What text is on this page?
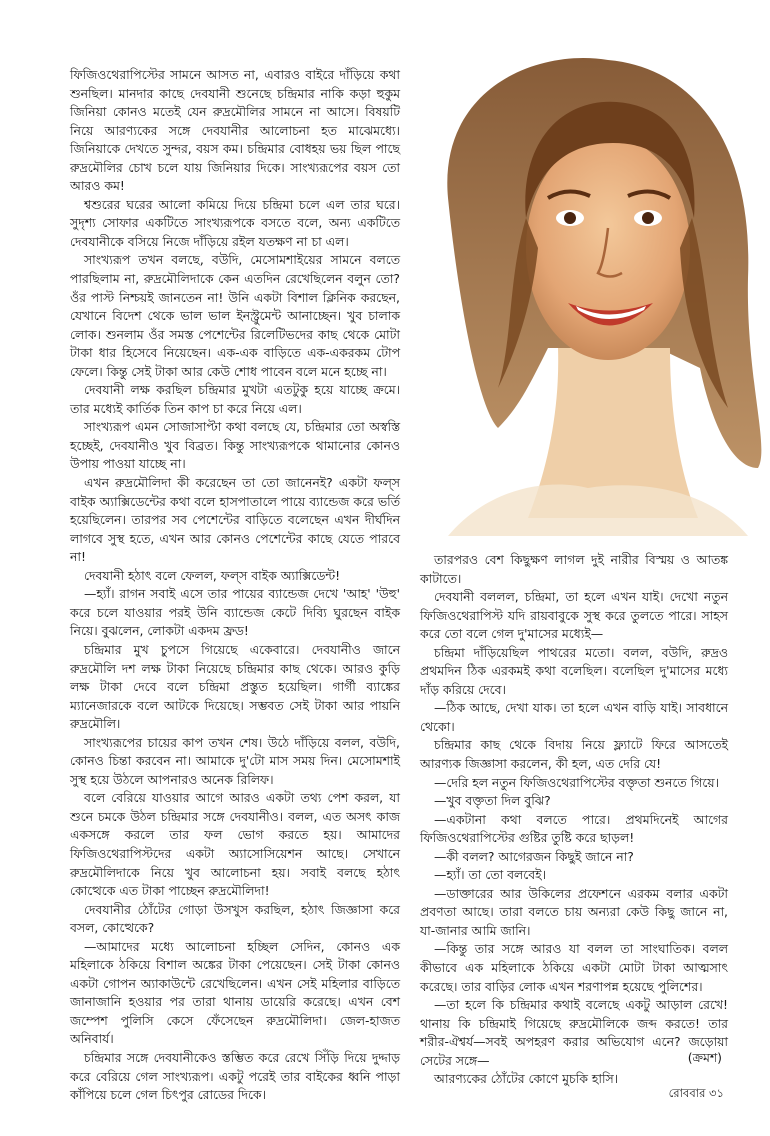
ফিজিওথেরাপিস্টের সামনে আসত না, এবারও বাইরে দাঁড়িয়ে কথা শুনছিল। মানদার কাছে দেবযানী শুনেছে চন্দ্রিমার নাকি কড়া হুকুম জিনিয়া কোনও মতেই যেন রুদ্রমৌলির সামনে না আসে। বিষয়টি নিয়ে আরণ্যকের সঙ্গে দেবযানীর আলোচনা হত মাঝেমধ্যে। জিনিয়াকে দেখতে সুন্দর, বয়স কম। চন্দ্রিমার বোধহয় ভয় ছিল পাছে রুদ্রমৌলির চোখ চলে যায় জিনিয়ার দিকে। সাংখ্যরূপের বয়স তো আরও কম!

শ্বশুরের ঘরের আলো কমিয়ে দিয়ে চন্দ্রিমা চলে এল তার ঘরে। সুদৃশ্য সোফার একটিতে সাংখ্যরূপকে বসতে বলে, অন্য একটিতে দেবযানীকে বসিয়ে নিজে দাঁড়িয়ে রইল যতক্ষণ না চা এল।

সাংখ্যরূপ তখন বলছে, বউদি, মেসোমশাইয়ের সামনে বলতে পারছিলাম না, রুদ্রমৌলিদাকে কেন এতদিন রেখেছিলেন বলুন তো? ওঁর পাস্ট নিশ্চয়ই জানতেন না! উনি একটা বিশাল ক্লিনিক করছেন, যেখানে বিদেশ থেকে ভাল ভাল ইনস্ট্রুমেন্ট আনাচ্ছেন। খুব চালাক লোক। শুনলাম ওঁর সমস্ত পেশেন্টের রিলেটিভদের কাছ থেকে মোটা টাকা ধার হিসেবে নিয়েছেন। এক-এক বাড়িতে এক-একরকম টোপ ফেলে। কিন্তু সেই টাকা আর কেউ শোধ পাবেন বলে মনে হচ্ছে না।

দেবযানী লক্ষ করছিল চন্দ্রিমার মুখটা এতটুকু হয়ে যাচ্ছে ক্রমে। তার মধ্যেই কার্তিক তিন কাপ চা করে নিয়ে এল।

সাংখ্যরূপ এমন সোজাসাপ্টা কথা বলছে যে, চন্দ্রিমার তো অস্বস্তি হচ্ছেই, দেবযানীও খুব বিব্রত। কিন্তু সাংখ্যরূপকে থামানোর কোনও উপায় পাওয়া যাচ্ছে না।

এখন রুদ্রমৌলিদা কী করেছেন তা তো জানেনই? একটা ফল্স বাইক অ্যাক্সিডেন্টের কথা বলে হাসপাতালে পায়ে ব্যান্ডেজ করে ভর্তি হয়েছিলেন। তারপর সব পেশেন্টের বাড়িতে বলেছেন এখন দীর্ঘদিন লাগবে সুস্থ হতে, এখন আর কোনও পেশেন্টের কাছে যেতে পারবে না!

দেবযানী হঠাৎ বলে ফেলল, ফল্স বাইক অ্যাক্সিডেন্ট!

—হ্যাঁ। রাগন সবাই এসে তার পায়ের ব্যান্ডেজ দেখে 'আহ' 'উহু' করে চলে যাওয়ার পরই উনি ব্যান্ডেজ কেটে দিব্যি ঘুরছেন বাইক নিয়ে। বুঝলেন, লোকটা একদম ফ্রড!

চন্দ্রিমার মুখ চুপসে গিয়েছে একেবারে। দেবযানীও জানে রুদ্রমৌলি দশ লক্ষ টাকা নিয়েছে চন্দ্রিমার কাছ থেকে। আরও কুড়ি লক্ষ টাকা দেবে বলে চন্দ্রিমা প্রস্তুত হয়েছিল। গার্গী ব্যাঙ্কের ম্যানেজারকে বলে আটকে দিয়েছে। সম্ভবত সেই টাকা আর পায়নি রুদ্রমৌলি।

সাংখ্যরূপের চায়ের কাপ তখন শেষ। উঠে দাঁড়িয়ে বলল, বউদি, কোনও চিন্তা করবেন না। আমাকে দু'টো মাস সময় দিন। মেসোমশাই সুস্থ হয়ে উঠলে আপনারও অনেক রিলিফ।

বলে বেরিয়ে যাওয়ার আগে আরও একটা তথ্য পেশ করল, যা শুনে চমকে উঠল চন্দ্রিমার সঙ্গে দেবযানীও। বলল, এত অসৎ কাজ একসঙ্গে করলে তার ফল ভোগ করতে হয়। আমাদের ফিজিওথেরাপিস্টদের একটা অ্যাসোসিয়েশন আছে। সেখানে রুদ্রমৌলিদাকে নিয়ে খুব আলোচনা হয়। সবাই বলছে হঠাৎ কোত্থেকে এত টাকা পাচ্ছেন রুদ্রমৌলিদা!

দেবযানীর ঠোঁটের গোড়া উসখুস করছিল, হঠাৎ জিজ্ঞাসা করে বসল, কোত্থেকে?

—আমাদের মধ্যে আলোচনা হচ্ছিল সেদিন, কোনও এক মহিলাকে ঠকিয়ে বিশাল অঙ্কের টাকা পেয়েছেন। সেই টাকা কোনও একটা গোপন অ্যাকাউন্টে রেখেছিলেন। এখন সেই মহিলার বাড়িতে জানাজানি হওয়ার পর তারা থানায় ডায়েরি করেছে। এখন বেশ জম্পেশ পুলিসি কেসে ফেঁসেছেন রুদ্রমৌলিদা। জেল-হাজত অনিবার্য।

চন্দ্রিমার সঙ্গে দেবযানীকেও স্তম্ভিত করে রেখে সিঁড়ি দিয়ে দুদ্দাড় করে বেরিয়ে গেল সাংখ্যরূপ। একটু পরেই তার বাইকের ধ্বনি পাড়া কাঁপিয়ে চলে গেল চিৎপুর রোডের দিকে।

তারপরও বেশ কিছুক্ষণ লাগল দুই নারীর বিস্ময় ও আতঙ্ক কাটাতে।

দেবযানী বললল, চন্দ্রিমা, তা হলে এখন যাই। দেখো নতুন ফিজিওথেরাপিস্ট যদি রায়বাবুকে সুস্থ করে তুলতে পারে। সাহস করে তো বলে গেল দু'মাসের মধ্যেই—

চন্দ্রিমা দাঁড়িয়েছিল পাথরের মতো। বলল, বউদি, রুদ্রও প্রথমদিন ঠিক এরকমই কথা বলেছিল। বলেছিল দু'মাসের মধ্যে দাঁড় করিয়ে দেবে।

—ঠিক আছে, দেখা যাক। তা হলে এখন বাড়ি যাই। সাবধানে থেকো।

চন্দ্রিমার কাছ থেকে বিদায় নিয়ে ফ্ল্যাটে ফিরে আসতেই আরণ্যক জিজ্ঞাসা করলেন, কী হল, এত দেরি যে!

—দেরি হল নতুন ফিজিওথেরাপিস্টের বক্তৃতা শুনতে গিয়ে।

—খুব বক্তৃতা দিল বুঝি?

—একটানা কথা বলতে পারে। প্রথমদিনেই আগের ফিজিওথেরাপিস্টের গুষ্টির তুষ্টি করে ছাড়ল!

—কী বলল? আগেরজন কিছুই জানে না?

—হ্যাঁ। তা তো বলবেই।

—ডাক্তারের আর উকিলের প্রফেশনে এরকম বলার একটা প্রবণতা আছে। তারা বলতে চায় অন্যরা কেউ কিছু জানে না, যা-জানার আমি জানি।

—কিন্তু তার সঙ্গে আরও যা বলল তা সাংঘাতিক। বলল কীভাবে এক মহিলাকে ঠকিয়ে একটা মোটা টাকা আত্মসাৎ করেছে। তার বাড়ির লোক এখন শরণাপন্ন হয়েছে পুলিশের।

—তা হলে কি চন্দ্রিমার কথাই বলেছে একটু আড়াল রেখে! থানায় কি চন্দ্রিমাই গিয়েছে রুদ্রমৌলিকে জব্দ করতে! তার শরীর-ঐশ্বর্য—সবই অপহরণ করার অভিযোগ এনে? জড়োয়া সেটের সঙ্গে—

আরণ্যকের ঠোঁটের কোণে মুচকি হাসি।

(ক্রমশ)
রোববার ৩১
